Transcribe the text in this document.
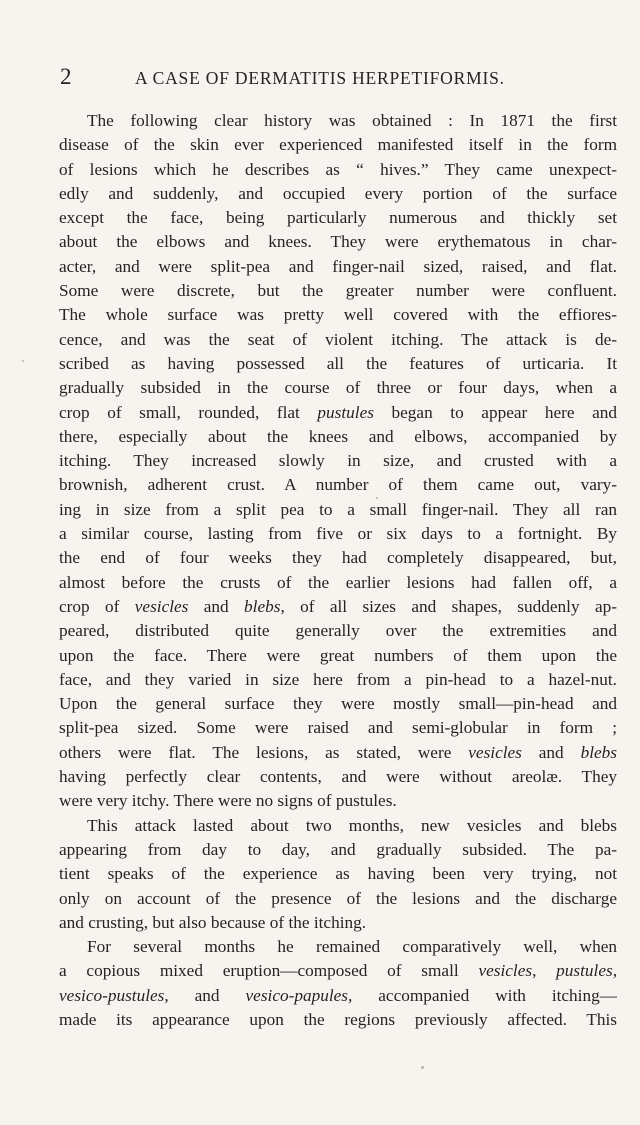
2	A CASE OF DERMATITIS HERPETIFORMIS.
The following clear history was obtained : In 1871 the first
disease of the skin ever experienced manifested itself in the form
of lesions which he describes as “ hives.” They came unexpect-
edly and suddenly, and occupied every portion of the surface
except the face, being particularly numerous and thickly set
about the elbows and knees. They were erythematous in char-
acter, and were split-pea and finger-nail sized, raised, and flat.
Some were discrete, but the greater number were confluent.
The whole surface was pretty well covered with the effiores-
cence, and was the seat of violent itching. The attack is de-
scribed as having possessed all the features of urticaria. It
gradually subsided in the course of three or four days, when a
crop of small, rounded, flat pustules began to appear here and
there, especially about the knees and elbows, accompanied by
itching. They increased slowly in size, and crusted with a
brownish, adherent crust. A number of them came out, vary-
ing in size from a split pea to a small finger-nail. They all ran
a similar course, lasting from five or six days to a fortnight. By
the end of four weeks they had completely disappeared, but,
almost before the crusts of the earlier lesions had fallen off, a
crop of vesicles and blebs, of all sizes and shapes, suddenly ap-
peared, distributed quite generally over the extremities and
upon the face. There were great numbers of them upon the
face, and they varied in size here from a pin-head to a hazel-nut.
Upon the general surface they were mostly small—pin-head and
split-pea sized. Some were raised and semi-globular in form ;
others were flat. The lesions, as stated, were vesicles and blebs
having perfectly clear contents, and were without areolæ. They
were very itchy. There were no signs of pustules.
This attack lasted about two months, new vesicles and blebs
appearing from day to day, and gradually subsided. The pa-
tient speaks of the experience as having been very trying, not
only on account of the presence of the lesions and the discharge
and crusting, but also because of the itching.
For several months he remained comparatively well, when
a copious mixed eruption—composed of small vesicles, pustules,
vesico-pustules, and vesico-papules, accompanied with itching—
made its appearance upon the regions previously affected. This
